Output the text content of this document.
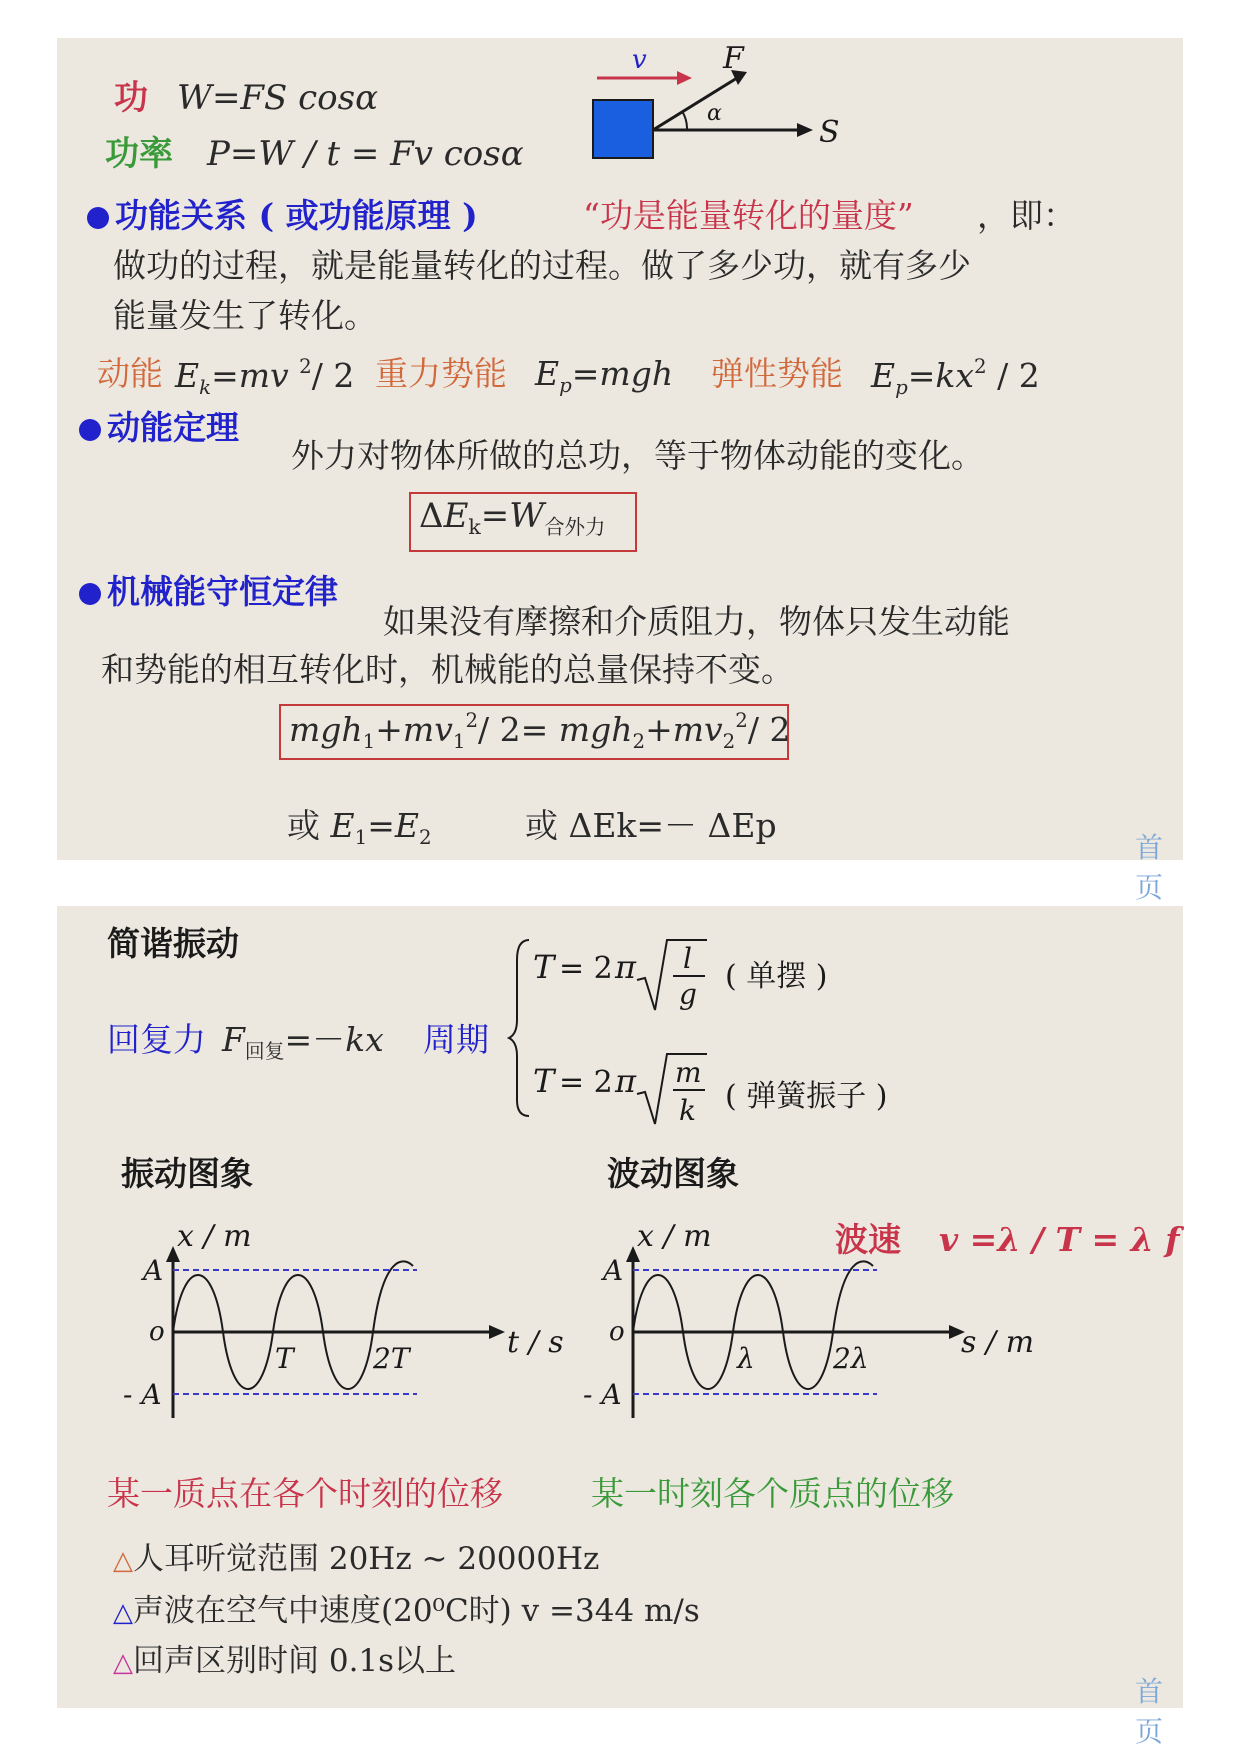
功 W=FS cosα
功率 P=W / t = Fv cosα
v
S
F
α
功能关系 ( 或功能原理 )	“功是能量转化的量度” ，即：
做功的过程，就是能量转化的过程。做了多少功，就有多少
能量发生了转化。
动能 $E_k=mv$ $^2$/ 2 重力势能 $E_p=mgh$ 弹性势能 $E_p=kx^2 / 2$
动能定理
外力对物体所做的总功，等于物体动能的变化。
$\Delta E_k=W_{合外力}$
机械能守恒定律
如果没有摩擦和介质阻力，物体只发生动能
和势能的相互转化时，机械能的总量保持不变。
$mgh_1+mv_1^2/$ $2= mgh_2+mv_2^2/$ 2
或 $E_1=E_2$	或 ΔEk=－ ΔEp
首页
简谐振动
回复力 $F_{回复}=-kx$ 周期
T = 2 π l
g
( 单摆 )
T = 2 π m
k ( 弹簧振子 )
振动图象	波动图象
波速 v =λ / T = λ f
x / m
A
o
- A
T	2T	t / s
x / m
A
o
- A
λ	2λ	s / m
某一质点在各个时刻的位移	某一时刻各个质点的位移
△人耳听觉范围 20Hz ~ 20000Hz
△声波在空气中速度(20⁰C时) v =344 m/s
△回声区别时间 0.1s以上
首页
